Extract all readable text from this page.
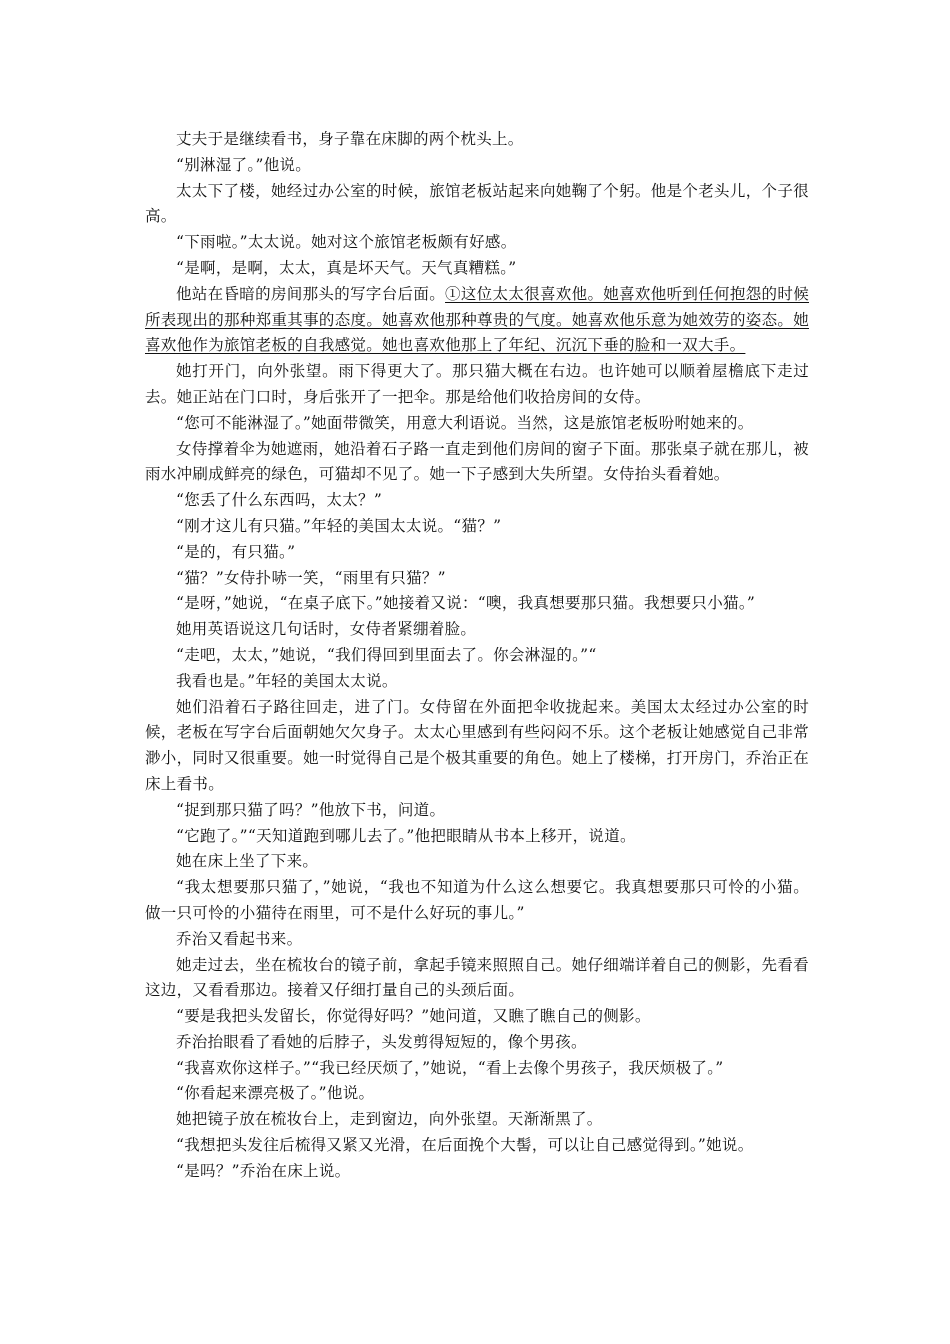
丈夫于是继续看书，身子靠在床脚的两个枕头上。

“别淋湿了。”他说。

太太下了楼，她经过办公室的时候，旅馆老板站起来向她鞠了个躬。他是个老头儿，个子很高。

“下雨啦。”太太说。她对这个旅馆老板颇有好感。

“是啊，是啊，太太，真是坏天气。天气真糟糕。”

他站在昏暗的房间那头的写字台后面。①这位太太很喜欢他。她喜欢他听到任何抱怨的时候所表现出的那种郑重其事的态度。她喜欢他那种尊贵的气度。她喜欢他乐意为她效劳的姿态。她喜欢他作为旅馆老板的自我感觉。她也喜欢他那上了年纪、沉沉下垂的脸和一双大手。

她打开门，向外张望。雨下得更大了。那只猫大概在右边。也许她可以顺着屋檐底下走过去。她正站在门口时，身后张开了一把伞。那是给他们收拾房间的女侍。

“您可不能淋湿了。”她面带微笑，用意大利语说。当然，这是旅馆老板吩咐她来的。

女侍撑着伞为她遮雨，她沿着石子路一直走到他们房间的窗子下面。那张桌子就在那儿，被雨水冲刷成鲜亮的绿色，可猫却不见了。她一下子感到大失所望。女侍抬头看着她。

“您丢了什么东西吗，太太？”

“刚才这儿有只猫。”年轻的美国太太说。“猫？”

“是的，有只猫。”

“猫？”女侍扑哧一笑，“雨里有只猫？”

“是呀，”她说，“在桌子底下。”她接着又说：“噢，我真想要那只猫。我想要只小猫。”

她用英语说这几句话时，女侍者紧绷着脸。

“走吧，太太，”她说，“我们得回到里面去了。你会淋湿的。”“

我看也是。”年轻的美国太太说。

她们沿着石子路往回走，进了门。女侍留在外面把伞收拢起来。美国太太经过办公室的时候，老板在写字台后面朝她欠欠身子。太太心里感到有些闷闷不乐。这个老板让她感觉自己非常渺小，同时又很重要。她一时觉得自己是个极其重要的角色。她上了楼梯，打开房门，乔治正在床上看书。

“捉到那只猫了吗？”他放下书，问道。

“它跑了。”“天知道跑到哪儿去了。”他把眼睛从书本上移开，说道。

她在床上坐了下来。

“我太想要那只猫了，”她说，“我也不知道为什么这么想要它。我真想要那只可怜的小猫。做一只可怜的小猫待在雨里，可不是什么好玩的事儿。”

乔治又看起书来。

她走过去，坐在梳妆台的镜子前，拿起手镜来照照自己。她仔细端详着自己的侧影，先看看这边，又看看那边。接着又仔细打量自己的头颈后面。

“要是我把头发留长，你觉得好吗？”她问道，又瞧了瞧自己的侧影。

乔治抬眼看了看她的后脖子，头发剪得短短的，像个男孩。

“我喜欢你这样子。”“我已经厌烦了，”她说，“看上去像个男孩子，我厌烦极了。”

“你看起来漂亮极了。”他说。

她把镜子放在梳妆台上，走到窗边，向外张望。天渐渐黑了。

“我想把头发往后梳得又紧又光滑，在后面挽个大髻，可以让自己感觉得到。”她说。

“是吗？”乔治在床上说。
